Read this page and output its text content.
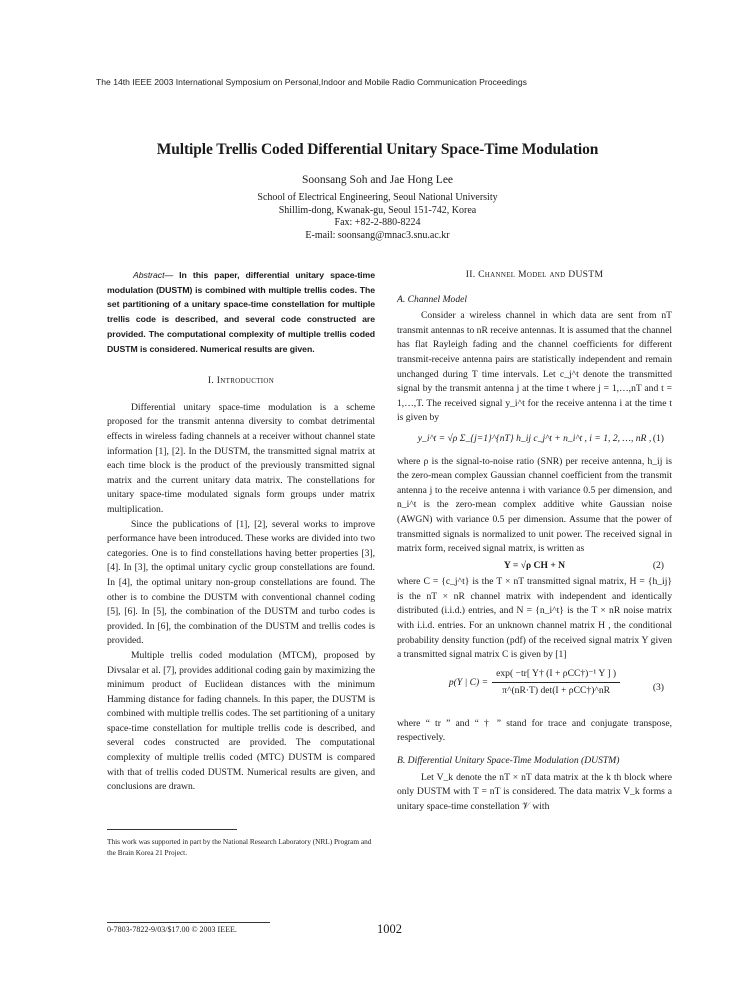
The 14th IEEE 2003 International Symposium on Personal,Indoor and Mobile Radio Communication Proceedings
Multiple Trellis Coded Differential Unitary Space-Time Modulation
Soonsang Soh and Jae Hong Lee
School of Electrical Engineering, Seoul National University
Shillim-dong, Kwanak-gu, Seoul 151-742, Korea
Fax: +82-2-880-8224
E-mail: soonsang@mnac3.snu.ac.kr

Abstract— In this paper, differential unitary space-time modulation (DUSTM) is combined with multiple trellis codes. The set partitioning of a unitary space-time constellation for multiple trellis code is described, and several code constructed are provided. The computational complexity of multiple trellis coded DUSTM is considered. Numerical results are given.

I. Introduction

Differential unitary space-time modulation is a scheme proposed for the transmit antenna diversity to combat detrimental effects in wireless fading channels at a receiver without channel state information [1], [2]. In the DUSTM, the transmitted signal matrix at each time block is the product of the previously transmitted signal matrix and the current unitary data matrix. The constellations for unitary space-time modulated signals form groups under matrix multiplication.

Since the publications of [1], [2], several works to improve performance have been introduced. These works are divided into two categories. One is to find constellations having better properties [3], [4]. In [3], the optimal unitary cyclic group constellations are found. In [4], the optimal unitary non-group constellations are found. The other is to combine the DUSTM with conventional channel coding [5], [6]. In [5], the combination of the DUSTM and turbo codes is provided. In [6], the combination of the DUSTM and trellis codes is provided.

Multiple trellis coded modulation (MTCM), proposed by Divsalar et al. [7], provides additional coding gain by maximizing the minimum product of Euclidean distances with the minimum Hamming distance for fading channels. In this paper, the DUSTM is combined with multiple trellis codes. The set partitioning of a unitary space-time constellation for multiple trellis code is described, and several codes constructed are provided. The computational complexity of multiple trellis coded (MTC) DUSTM is compared with that of trellis coded DUSTM. Numerical results are given, and conclusions are drawn.

This work was supported in part by the National Research Laboratory (NRL) Program and the Brain Korea 21 Project.

II. Channel Model and DUSTM
A. Channel Model

Consider a wireless channel in which data are sent from nT transmit antennas to nR receive antennas. It is assumed that the channel has flat Rayleigh fading and the channel coefficients for different transmit-receive antenna pairs are statistically independent and remain unchanged during T time intervals. Let c_j^t denote the transmitted signal by the transmit antenna j at the time t where j = 1,…,nT and t = 1,…,T. The received signal y_i^t for the receive antenna i at the time t is given by

y_i^t = √ρ Σ_{j=1}^{nT} h_ij c_j^t + n_i^t , i = 1, 2, …, nR , (1)

where ρ is the signal-to-noise ratio (SNR) per receive antenna, h_ij is the zero-mean complex Gaussian channel coefficient from the transmit antenna j to the receive antenna i with variance 0.5 per dimension, and n_i^t is the zero-mean complex additive white Gaussian noise (AWGN) with variance 0.5 per dimension. Assume that the power of transmitted signals is normalized to unit power. The received signal in matrix form, received signal matrix, is written as

Y = √ρ CH + N	(2)

where C = {c_j^t} is the T × nT transmitted signal matrix, H = {h_ij} is the nT × nR channel matrix with independent and identically distributed (i.i.d.) entries, and N = {n_i^t} is the T × nR noise matrix with i.i.d. entries. For an unknown channel matrix H , the conditional probability density function (pdf) of the received signal matrix Y given a transmitted signal matrix C is given by [1]

p(Y | $C) = \frac{\text{exp( −tr[ Y† (I + ρCC†)⁻¹ Y ] )}}{\text{π\textasciicircum{}(nR·T) det(I + ρCC†)\textasciicircum{}nR}}$	(3)

where “ tr ” and “ † ” stand for trace and conjugate transpose, respectively.

B. Differential Unitary Space-Time Modulation (DUSTM)

Let V_k denote the nT × nT data matrix at the k th block where only DUSTM with T = nT is considered. The data matrix V_k forms a unitary space-time constellation 𝒱 with

0-7803-7822-9/03/$17.00 © 2003 IEEE.	1002
